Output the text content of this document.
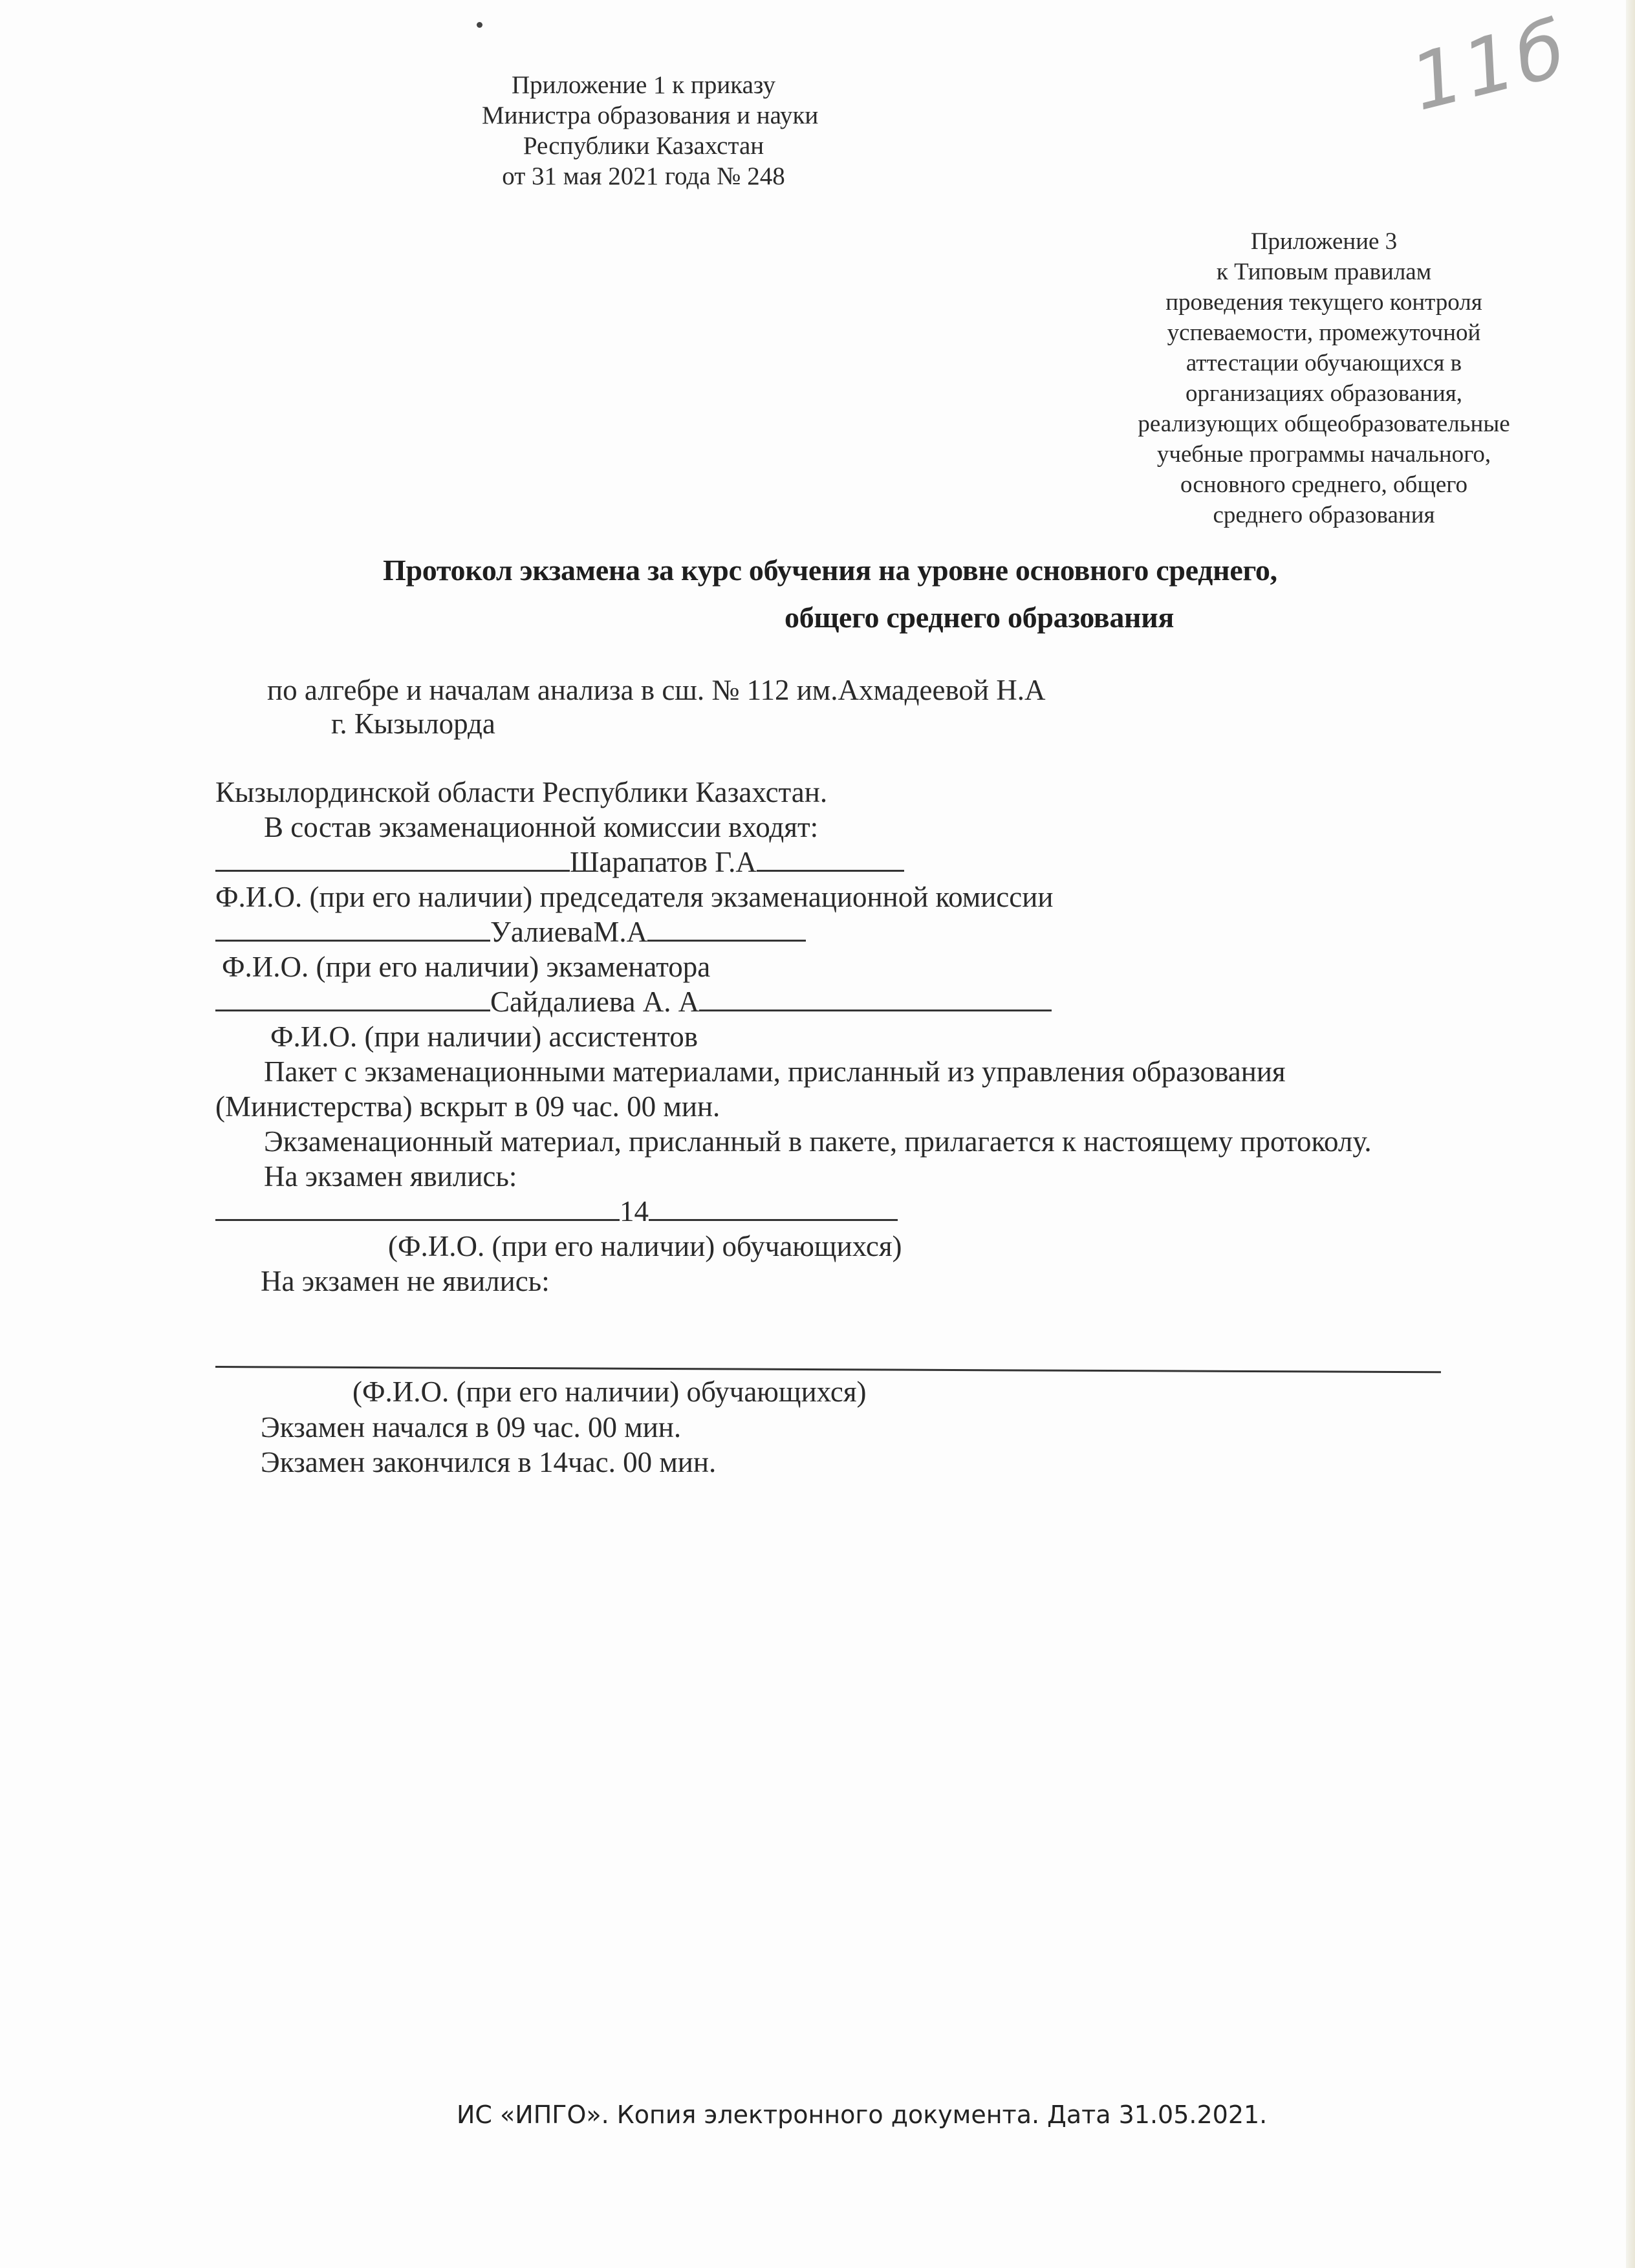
Приложение 1 к приказу
Министра образования и науки
Республики Казахстан
от 31 мая 2021 года № 248
11б
Приложение 3
к Типовым правилам
проведения текущего контроля
успеваемости, промежуточной
аттестации обучающихся в
организациях образования,
реализующих общеобразовательные
учебные программы начального,
основного среднего, общего
среднего образования
Протокол экзамена за курс обучения на уровне основного среднего,
общего среднего образования
по алгебре и началам анализа в сш. № 112 им.Ахмадеевой Н.А
г. Кызылорда
Кызылординской области Республики Казахстан.
В состав экзаменационной комиссии входят:
Шарапатов Г.А
Ф.И.О. (при его наличии) председателя экзаменационной комиссии
УалиеваМ.А
Ф.И.О. (при его наличии) экзаменатора
Сайдалиева А. А
Ф.И.О. (при наличии) ассистентов
Пакет с экзаменационными материалами, присланный из управления образования
(Министерства) вскрыт в 09 час. 00 мин.
Экзаменационный материал, присланный в пакете, прилагается к настоящему протоколу.
На экзамен явились:
14
(Ф.И.О. (при его наличии) обучающихся)
На экзамен не явились:
(Ф.И.О. (при его наличии) обучающихся)
Экзамен начался в 09 час. 00 мин.
Экзамен закончился в 14час. 00 мин.
ИС «ИПГО». Копия электронного документа. Дата 31.05.2021.
